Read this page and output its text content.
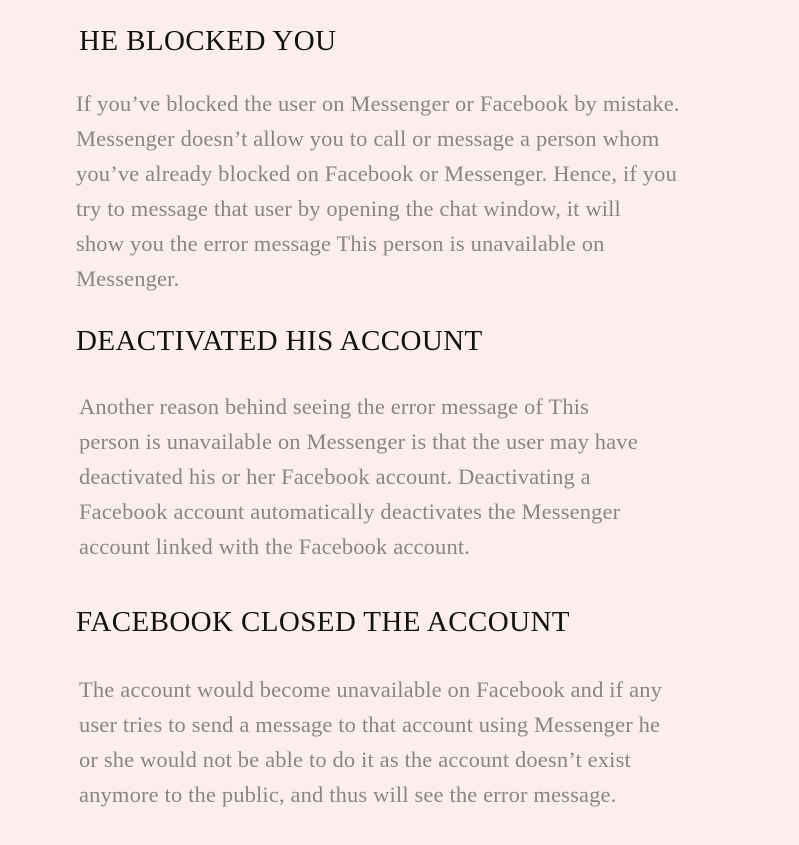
HE BLOCKED YOU

If you’ve blocked the user on Messenger or Facebook by mistake.
Messenger doesn’t allow you to call or message a person whom
you’ve already blocked on Facebook or Messenger. Hence, if you
try to message that user by opening the chat window, it will
show you the error message This person is unavailable on
Messenger.

DEACTIVATED HIS ACCOUNT

Another reason behind seeing the error message of This
person is unavailable on Messenger is that the user may have
deactivated his or her Facebook account. Deactivating a
Facebook account automatically deactivates the Messenger
account linked with the Facebook account.

FACEBOOK CLOSED THE ACCOUNT

The account would become unavailable on Facebook and if any
user tries to send a message to that account using Messenger he
or she would not be able to do it as the account doesn’t exist
anymore to the public, and thus will see the error message.
